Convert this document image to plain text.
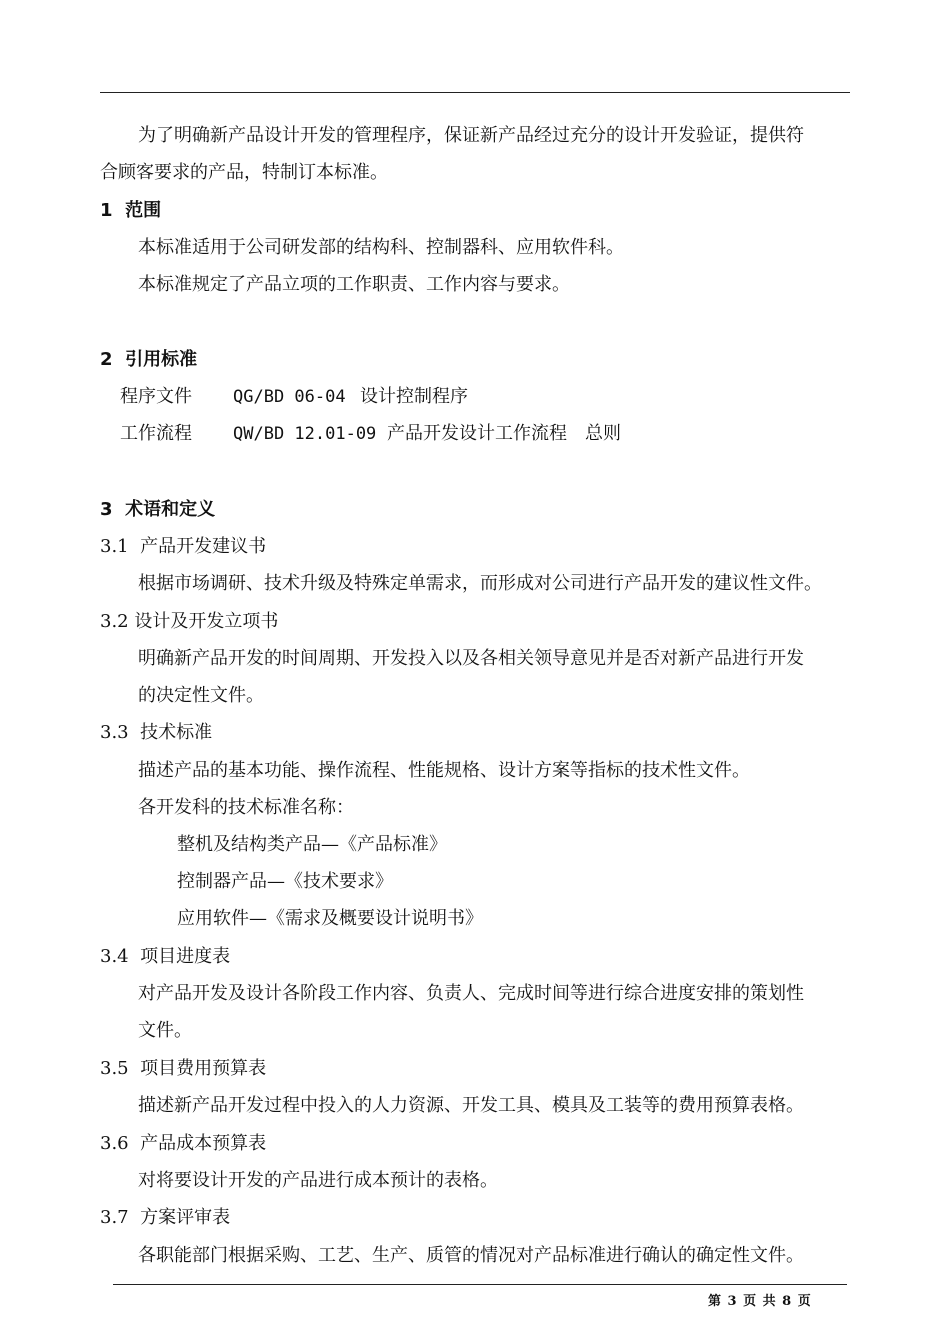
为了明确新产品设计开发的管理程序，保证新产品经过充分的设计开发验证，提供符
合顾客要求的产品，特制订本标准。
1 范围
本标准适用于公司研发部的结构科、控制器科、应用软件科。
本标准规定了产品立项的工作职责、工作内容与要求。
2 引用标准
程序文件 QG/BD 06-04 设计控制程序
工作流程 QW/BD 12.01-09 产品开发设计工作流程　总则
3 术语和定义
3.1 产品开发建议书
根据市场调研、技术升级及特殊定单需求，而形成对公司进行产品开发的建议性文件。
3.2 设计及开发立项书
明确新产品开发的时间周期、开发投入以及各相关领导意见并是否对新产品进行开发
的决定性文件。
3.3 技术标准
描述产品的基本功能、操作流程、性能规格、设计方案等指标的技术性文件。
各开发科的技术标准名称：
整机及结构类产品—《产品标准》
控制器产品—《技术要求》
应用软件—《需求及概要设计说明书》
3.4 项目进度表
对产品开发及设计各阶段工作内容、负责人、完成时间等进行综合进度安排的策划性
文件。
3.5 项目费用预算表
描述新产品开发过程中投入的人力资源、开发工具、模具及工装等的费用预算表格。
3.6 产品成本预算表
对将要设计开发的产品进行成本预计的表格。
3.7 方案评审表
各职能部门根据采购、工艺、生产、质管的情况对产品标准进行确认的确定性文件。
第 3 页 共 8 页
